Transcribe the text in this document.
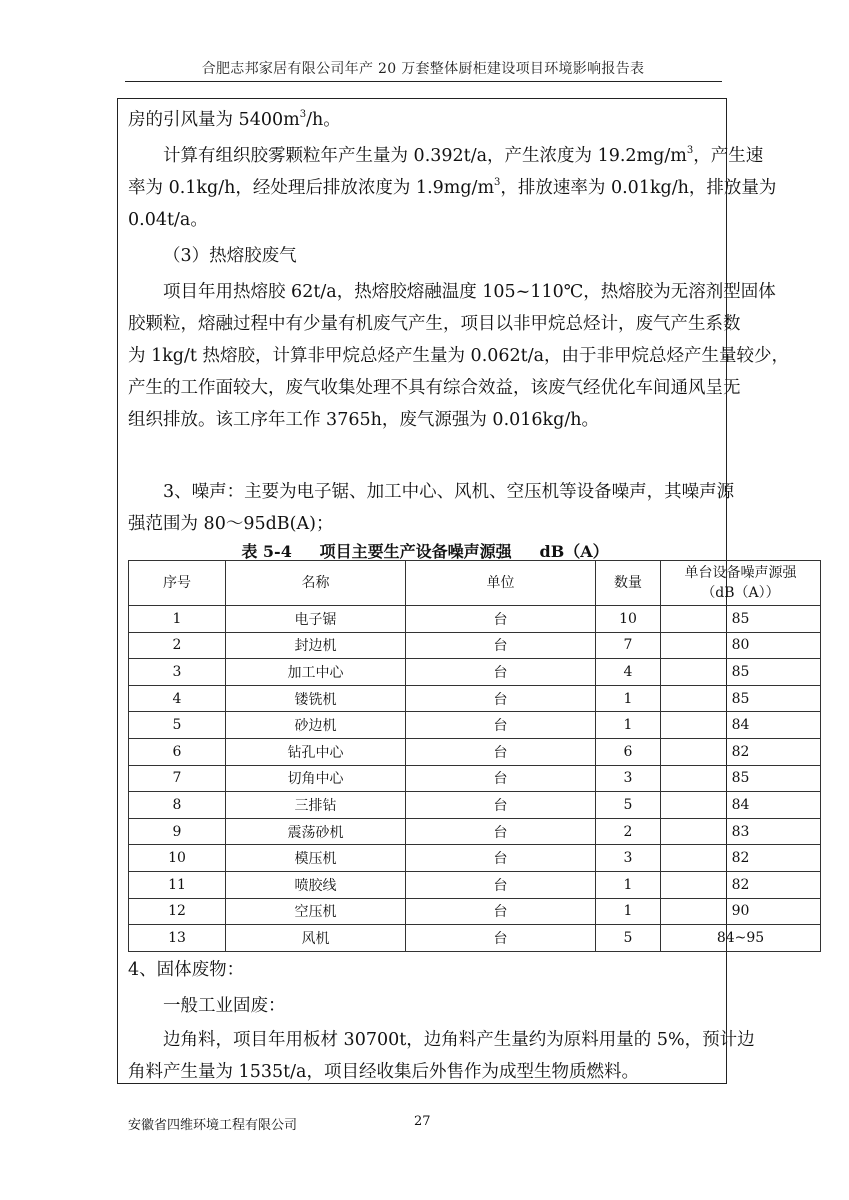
合肥志邦家居有限公司年产 20 万套整体厨柜建设项目环境影响报告表
房的引风量为 $5400m^3/h$。
计算有组织胶雾颗粒年产生量为 0.392t/a，产生浓度为 $19.2mg/m^3$，产生速
率为 0.1kg/h，经处理后排放浓度为 $1.9mg/m^3$，排放速率为 0.01kg/h，排放量为
0.04t/a。
（3）热熔胶废气
项目年用热熔胶 62t/a，热熔胶熔融温度 105~110℃，热熔胶为无溶剂型固体
胶颗粒，熔融过程中有少量有机废气产生，项目以非甲烷总烃计，废气产生系数
为 1kg/t 热熔胶，计算非甲烷总烃产生量为 0.062t/a，由于非甲烷总烃产生量较少，
产生的工作面较大，废气收集处理不具有综合效益，该废气经优化车间通风呈无
组织排放。该工序年工作 3765h，废气源强为 0.016kg/h。
3、噪声：主要为电子锯、加工中心、风机、空压机等设备噪声，其噪声源
强范围为 80～95dB(A)；
表 5-4     项目主要生产设备噪声源强     dB（A）
序号	名称	单位	数量	单台设备噪声源强（dB（A））
1	电子锯	台	10	85
2	封边机	台	7	80
3	加工中心	台	4	85
4	镂铣机	台	1	85
5	砂边机	台	1	84
6	钻孔中心	台	6	82
7	切角中心	台	3	85
8	三排钻	台	5	84
9	震荡砂机	台	2	83
10	模压机	台	3	82
11	喷胶线	台	1	82
12	空压机	台	1	90
13	风机	台	5	84~95
4、固体废物：
一般工业固废：
边角料，项目年用板材 30700t，边角料产生量约为原料用量的 5%，预计边
角料产生量为 1535t/a，项目经收集后外售作为成型生物质燃料。
安徽省四维环境工程有限公司	27
